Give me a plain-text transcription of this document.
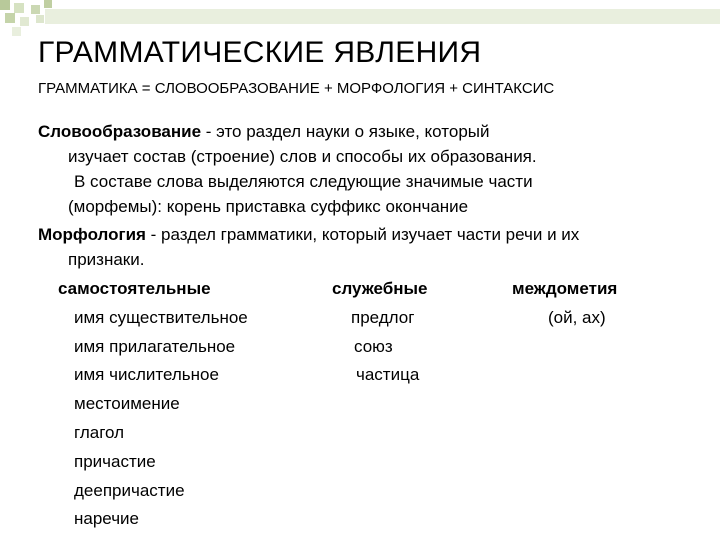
ГРАММАТИЧЕСКИЕ ЯВЛЕНИЯ
ГРАММАТИКА = СЛОВООБРАЗОВАНИЕ + МОРФОЛОГИЯ + СИНТАКСИС
Словообразование - это раздел науки о языке, который
изучает состав (строение) слов и способы их образования.
В составе слова выделяются следующие значимые части
(морфемы): корень приставка суффикс окончание
Морфология - раздел грамматики, который изучает части речи и их
признаки.
самостоятельные	служебные	междометия
имя существительное
имя прилагательное
имя числительное
местоимение
глагол
причастие
деепричастие
наречие
предлог
союз
частица
(ой, ах)
